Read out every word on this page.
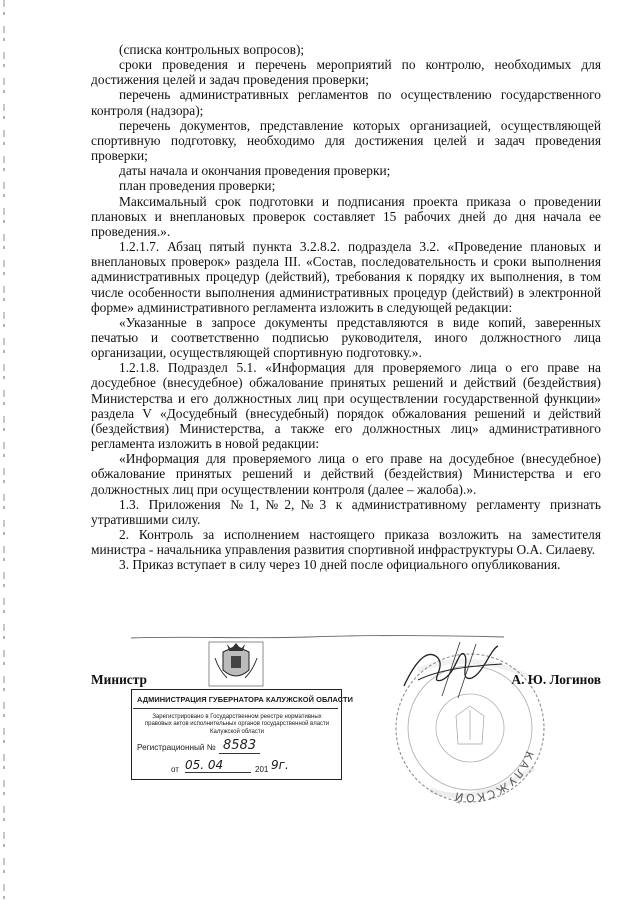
(списка контрольных вопросов);

сроки проведения и перечень мероприятий по контролю, необходимых для достижения целей и задач проведения проверки;

перечень административных регламентов по осуществлению государственного контроля (надзора);

перечень документов, представление которых организацией, осуществляющей спортивную подготовку, необходимо для достижения целей и задач проведения проверки;

даты начала и окончания проведения проверки;

план проведения проверки;

Максимальный срок подготовки и подписания проекта приказа о проведении плановых и внеплановых проверок составляет 15 рабочих дней до дня начала ее проведения.».

1.2.1.7. Абзац пятый пункта 3.2.8.2. подраздела 3.2. «Проведение плановых и внеплановых проверок» раздела III. «Состав, последовательность и сроки выполнения административных процедур (действий), требования к порядку их выполнения, в том числе особенности выполнения административных процедур (действий) в электронной форме» административного регламента изложить в следующей редакции:

«Указанные в запросе документы представляются в виде копий, заверенных печатью и соответственно подписью руководителя, иного должностного лица организации, осуществляющей спортивную подготовку.».

1.2.1.8. Подраздел 5.1. «Информация для проверяемого лица о его праве на досудебное (внесудебное) обжалование принятых решений и действий (бездействия) Министерства и его должностных лиц при осуществлении государственной функции» раздела V «Досудебный (внесудебный) порядок обжалования решений и действий (бездействия) Министерства, а также его должностных лиц» административного регламента изложить в новой редакции:

«Информация для проверяемого лица о его праве на досудебное (внесудебное) обжалование принятых решений и действий (бездействия) Министерства и его должностных лиц при осуществлении контроля (далее – жалоба).».

1.3. Приложения №1,№2,№3 к административному регламенту признать утратившими силу.

2. Контроль за исполнением настоящего приказа возложить на заместителя министра - начальника управления развития спортивной инфраструктуры О.А. Силаеву.

3. Приказ вступает в силу через 10 дней после официального опубликования.

Министр	А. Ю. Логинов
КАЛУЖСКОЙ
АДМИНИСТРАЦИЯ ГУБЕРНАТОРА КАЛУЖСКОЙ ОБЛАСТИ
Зарегистрировано в Государственном реестре нормативных правовых актов исполнительных органов государственной власти Калужской области
Регистрационный № 8583
от 05. 04	201 9г.
